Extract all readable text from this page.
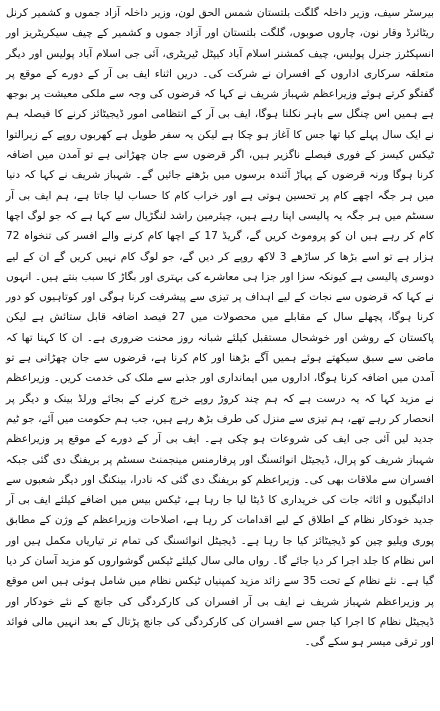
بیرسٹر سیف، وزیر داخلہ گلگت بلتستان شمس الحق لون، وزیر داخلہ آزاد جموں و کشمیر کرنل ریٹائرڈ وقار نون، چاروں صوبوں، گلگت بلتستان اور آزاد جموں و کشمیر کے چیف سیکریٹریز اور انسپکٹرز جنرل پولیس، چیف کمشنر اسلام آباد کیپٹل ٹیریٹری، آئی جی اسلام آباد پولیس اور دیگر متعلقہ سرکاری اداروں کے افسران نے شرکت کی۔ دریں اثناء ایف بی آر کے دورے کے موقع پر گفتگو کرتے ہوئے وزیراعظم شہباز شریف نے کہا کہ قرضوں کی وجہ سے ملکی معیشت پر بوجھ ہے ہمیں اس چنگل سے باہر نکلنا ہوگا، ایف بی آر کے انتظامی امور ڈیجیٹائز کرنے کا فیصلہ ہم نے ایک سال پہلے کیا تھا جس کا آغاز ہو چکا ہے لیکن یہ سفر طویل ہے کھربوں روپے کے زیرالتوا ٹیکس کیسز کے فوری فیصلے ناگزیر ہیں، اگر قرضوں سے جان چھڑانی ہے تو آمدن میں اضافہ کرنا ہوگا ورنہ قرضوں کے پہاڑ آئندہ برسوں میں بڑھتے جائیں گے۔ شہباز شریف نے کہا کہ دنیا میں ہر جگہ اچھے کام پر تحسین ہوتی ہے اور خراب کام کا حساب لیا جاتا ہے، ہم ایف بی آر سسٹم میں ہر جگہ یہ پالیسی اپنا رہے ہیں، چیئرمین راشد لنگڑیال سے کہا ہے کہ جو لوگ اچھا کام کر رہے ہیں ان کو پروموٹ کریں گے، گریڈ 17 کے اچھا کام کرنے والے افسر کی تنخواہ 72 ہزار ہے تو اسے بڑھا کر ساڑھے 3 لاکھ روپے کر دیں گے، جو لوگ کام نہیں کریں گے ان کے لیے دوسری پالیسی ہے کیونکہ سزا اور جزا ہی معاشرے کی بہتری اور بگاڑ کا سبب بنتے ہیں۔ انہوں نے کہا کہ قرضوں سے نجات کے لیے اہداف پر تیزی سے پیشرفت کرنا ہوگی اور کوتاہیوں کو دور کرنا ہوگا، پچھلے سال کے مقابلے میں محصولات میں 27 فیصد اضافہ قابل ستائش ہے لیکن پاکستان کے روشن اور خوشحال مستقبل کیلئے شبانہ روز محنت ضروری ہے۔ ان کا کہنا تھا کہ ماضی سے سبق سیکھتے ہوئے ہمیں آگے بڑھنا اور کام کرنا ہے، قرضوں سے جان چھڑانی ہے تو آمدن میں اضافہ کرنا ہوگا، اداروں میں ایمانداری اور جذبے سے ملک کی خدمت کریں۔ وزیراعظم نے مزید کہا کہ یہ درست ہے کہ ہم چند کروڑ روپے خرچ کرنے کے بجائے ورلڈ بینک و دیگر پر انحصار کر رہے تھے، ہم تیزی سے منزل کی طرف بڑھ رہے ہیں، جب ہم حکومت میں آئے، جو ٹیم جدید لیں آئی جی ایف کی شروعات ہو چکی ہے۔ ایف بی آر کے دورے کے موقع پر وزیراعظم شہباز شریف کو پرال، ڈیجیٹل انوائسنگ اور پرفارمنس مینجمنٹ سسٹم پر بریفنگ دی گئی جبکہ افسران سے ملاقات بھی کی۔ وزیراعظم کو بریفنگ دی گئی کہ نادرا، بینکنگ اور دیگر شعبوں سے ادائیگیوں و اثاثہ جات کی خریداری کا ڈیٹا لیا جا رہا ہے، ٹیکس بیس میں اضافے کیلئے ایف بی آر جدید خودکار نظام کے اطلاق کے لیے اقدامات کر رہا ہے، اصلاحات وزیراعظم کے وژن کے مطابق پوری ویلیو چین کو ڈیجیٹائز کیا جا رہا ہے۔ ڈیجیٹل انوائسنگ کی تمام تر تیاریاں مکمل ہیں اور اس نظام کا جلد اجرا کر دیا جائے گا۔ رواں مالی سال کیلئے ٹیکس گوشواروں کو مزید آسان کر دیا گیا ہے۔ نئے نظام کے تحت 35 سے زائد مزید کمپنیاں ٹیکس نظام میں شامل ہوئی ہیں اس موقع پر وزیراعظم شہباز شریف نے ایف بی آر افسران کی کارکردگی کی جانچ کے نئے خودکار اور ڈیجیٹل نظام کا اجرا کیا جس سے افسران کی کارکردگی کی جانچ پڑتال کے بعد انہیں مالی فوائد اور ترقی میسر ہو سکے گی۔
